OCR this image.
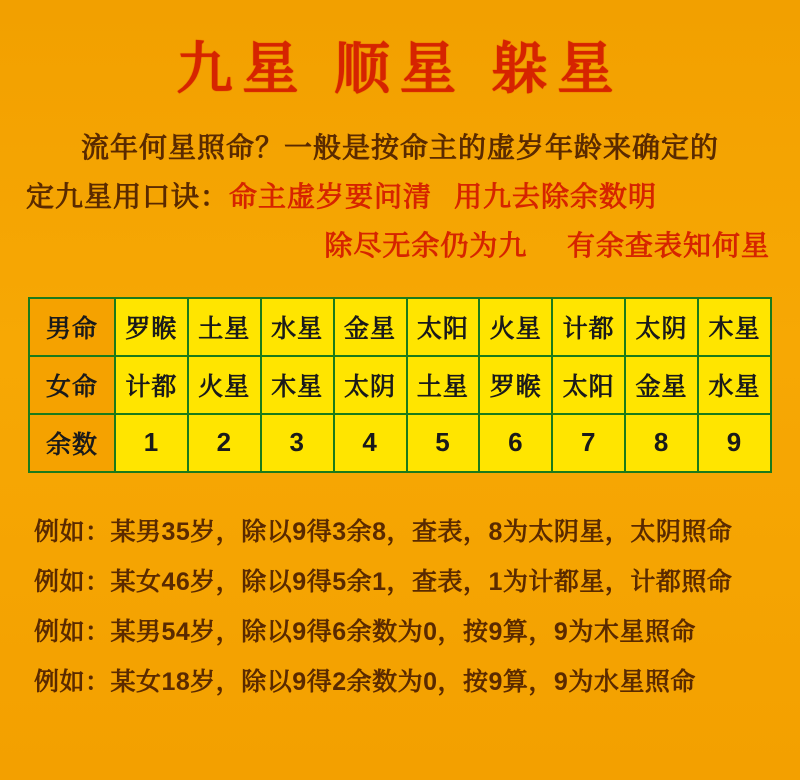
九星 顺星 躲星
流年何星照命？一般是按命主的虚岁年龄来确定的
定九星用口诀： 命主虚岁要问清 用九去除余数明
除尽无余仍为九 有余查表知何星
男命	罗睺	土星	水星	金星	太阳	火星	计都	太阴	木星
女命	计都	火星	木星	太阴	土星	罗睺	太阳	金星	水星
余数	1	2	3	4	5	6	7	8	9
例如：某男35岁，除以9得3余8，查表，8为太阴星，太阴照命
例如：某女46岁，除以9得5余1，查表，1为计都星，计都照命
例如：某男54岁，除以9得6余数为0，按9算，9为木星照命
例如：某女18岁，除以9得2余数为0，按9算，9为水星照命
